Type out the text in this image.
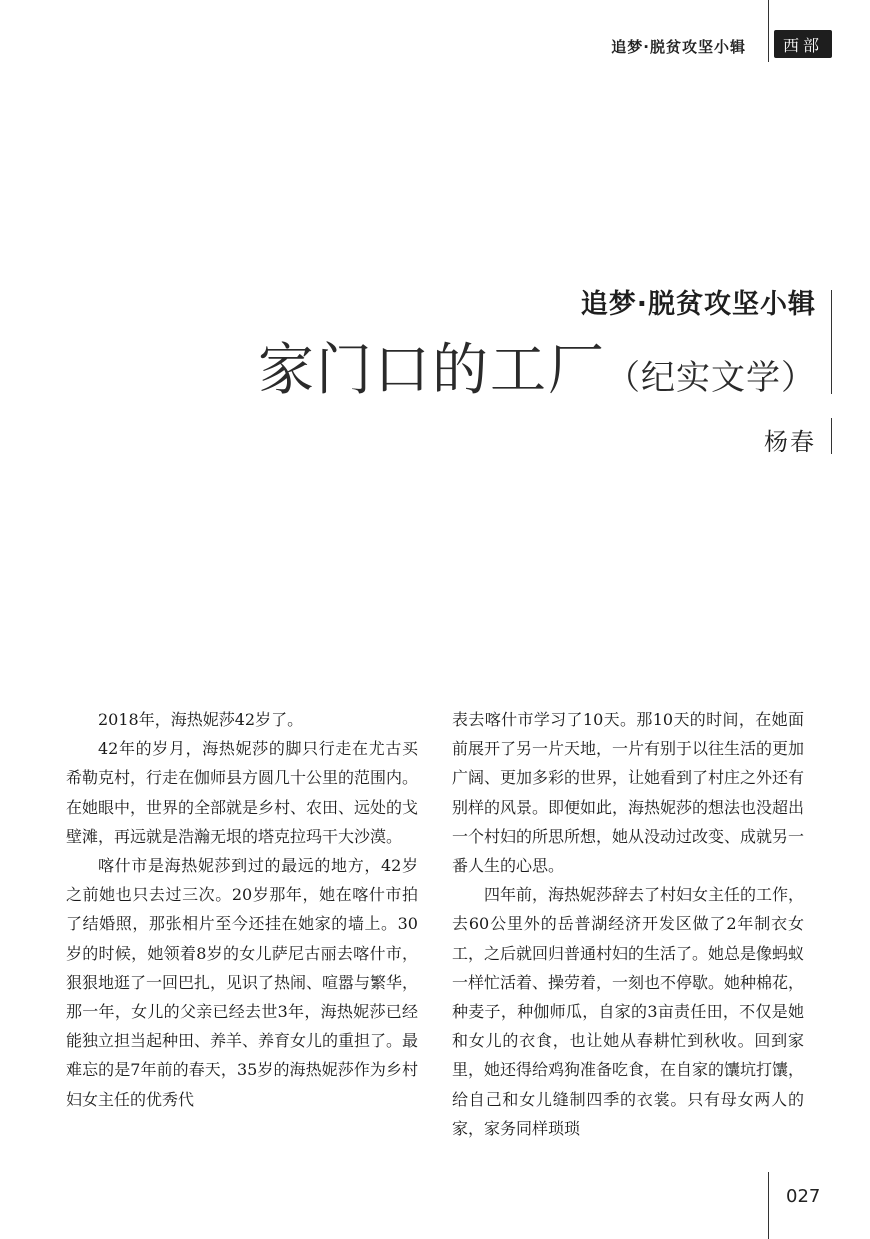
追梦·脱贫攻坚小辑	西部
追梦·脱贫攻坚小辑
家门口的工厂（纪实文学）
杨春

2018年，海热妮莎42岁了。

42年的岁月，海热妮莎的脚只行走在尤古买希勒克村，行走在伽师县方圆几十公里的范围内。在她眼中，世界的全部就是乡村、农田、远处的戈壁滩，再远就是浩瀚无垠的塔克拉玛干大沙漠。

喀什市是海热妮莎到过的最远的地方，42岁之前她也只去过三次。20岁那年，她在喀什市拍了结婚照，那张相片至今还挂在她家的墙上。30岁的时候，她领着8岁的女儿萨尼古丽去喀什市，狠狠地逛了一回巴扎，见识了热闹、喧嚣与繁华，那一年，女儿的父亲已经去世3年，海热妮莎已经能独立担当起种田、养羊、养育女儿的重担了。最难忘的是7年前的春天，35岁的海热妮莎作为乡村妇女主任的优秀代

表去喀什市学习了10天。那10天的时间，在她面前展开了另一片天地，一片有别于以往生活的更加广阔、更加多彩的世界，让她看到了村庄之外还有别样的风景。即便如此，海热妮莎的想法也没超出一个村妇的所思所想，她从没动过改变、成就另一番人生的心思。

四年前，海热妮莎辞去了村妇女主任的工作，去60公里外的岳普湖经济开发区做了2年制衣女工，之后就回归普通村妇的生活了。她总是像蚂蚁一样忙活着、操劳着，一刻也不停歇。她种棉花，种麦子，种伽师瓜，自家的3亩责任田，不仅是她和女儿的衣食，也让她从春耕忙到秋收。回到家里，她还得给鸡狗准备吃食，在自家的馕坑打馕，给自己和女儿缝制四季的衣裳。只有母女两人的家，家务同样琐琐

027
